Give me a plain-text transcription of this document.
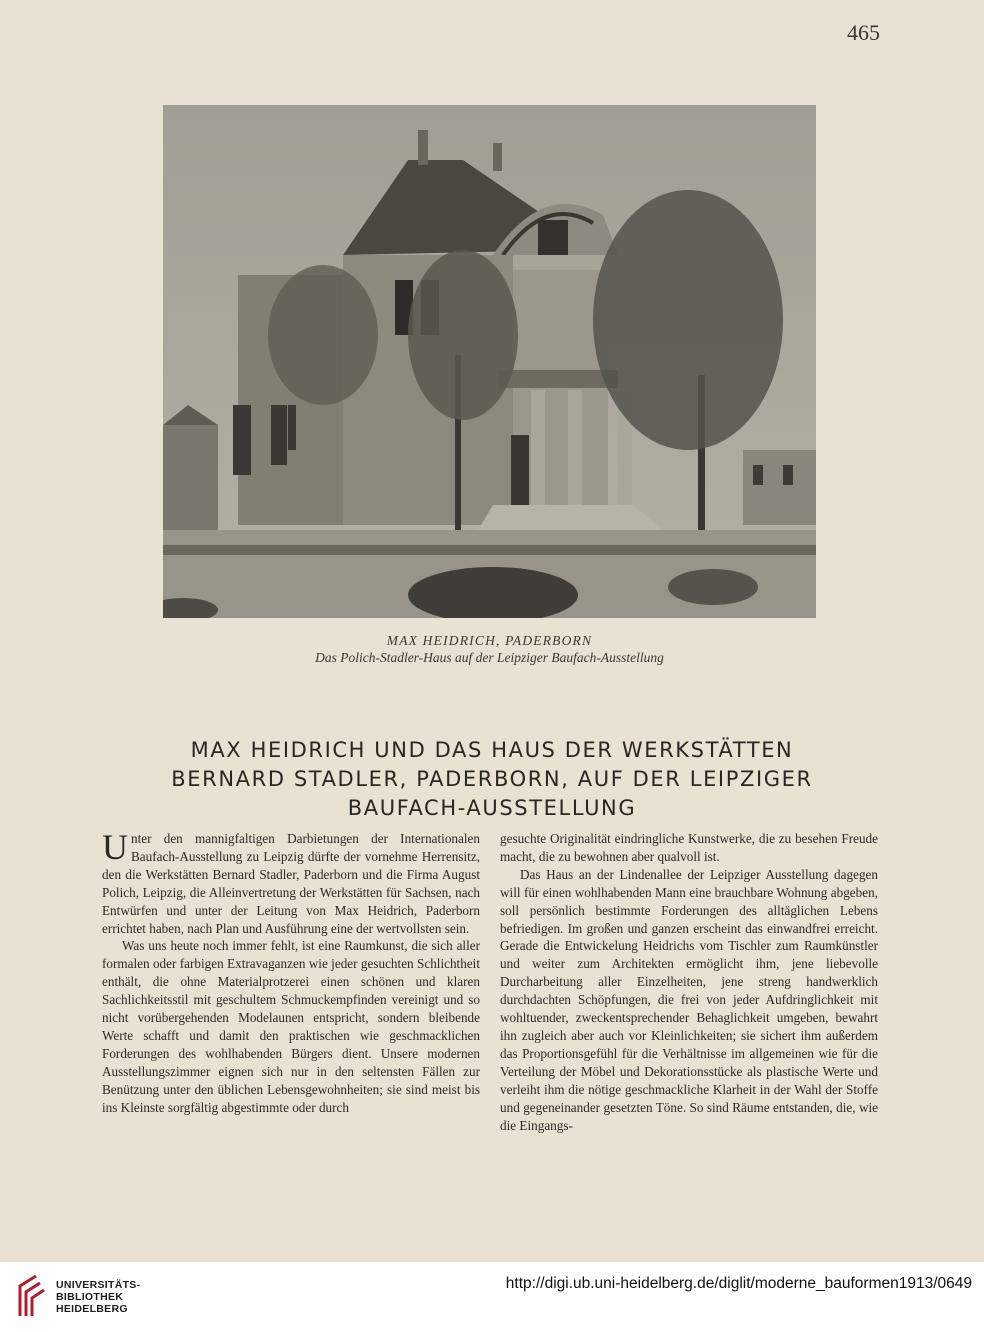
465
MAX HEIDRICH, PADERBORN
Das Polich-Stadler-Haus auf der Leipziger Baufach-Ausstellung
MAX HEIDRICH UND DAS HAUS DER WERKSTÄTTEN
BERNARD STADLER, PADERBORN, AUF DER LEIPZIGER
BAUFACH-AUSSTELLUNG

Unter den mannigfaltigen Darbietungen der Internationalen Baufach-Ausstellung zu Leipzig dürfte der vornehme Herrensitz, den die Werkstätten Bernard Stadler, Paderborn und die Firma August Polich, Leipzig, die Alleinvertretung der Werkstätten für Sachsen, nach Entwürfen und unter der Leitung von Max Heidrich, Paderborn errichtet haben, nach Plan und Ausführung eine der wertvollsten sein.

Was uns heute noch immer fehlt, ist eine Raumkunst, die sich aller formalen oder farbigen Extravaganzen wie jeder gesuchten Schlichtheit enthält, die ohne Materialprotzerei einen schönen und klaren Sachlichkeitsstil mit geschultem Schmuckempfinden vereinigt und so nicht vorübergehenden Modelaunen entspricht, sondern bleibende Werte schafft und damit den praktischen wie geschmacklichen Forderungen des wohlhabenden Bürgers dient. Unsere modernen Ausstellungszimmer eignen sich nur in den seltensten Fällen zur Benützung unter den üblichen Lebensgewohnheiten; sie sind meist bis ins Kleinste sorgfältig abgestimmte oder durch

gesuchte Originalität eindringliche Kunstwerke, die zu besehen Freude macht, die zu bewohnen aber qualvoll ist.

Das Haus an der Lindenallee der Leipziger Ausstellung dagegen will für einen wohlhabenden Mann eine brauchbare Wohnung abgeben, soll persönlich bestimmte Forderungen des alltäglichen Lebens befriedigen. Im großen und ganzen erscheint das einwandfrei erreicht. Gerade die Entwickelung Heidrichs vom Tischler zum Raumkünstler und weiter zum Architekten ermöglicht ihm, jene liebevolle Durcharbeitung aller Einzelheiten, jene streng handwerklich durchdachten Schöpfungen, die frei von jeder Aufdringlichkeit mit wohltuender, zweckentsprechender Behaglichkeit umgeben, bewahrt ihn zugleich aber auch vor Kleinlichkeiten; sie sichert ihm außerdem das Proportionsgefühl für die Verhältnisse im allgemeinen wie für die Verteilung der Möbel und Dekorationsstücke als plastische Werte und verleiht ihm die nötige geschmackliche Klarheit in der Wahl der Stoffe und gegeneinander gesetzten Töne. So sind Räume entstanden, die, wie die Eingangs-

UNIVERSITÄTS-
BIBLIOTHEK
HEIDELBERG
http://digi.ub.uni-heidelberg.de/diglit/moderne_bauformen1913/0649
